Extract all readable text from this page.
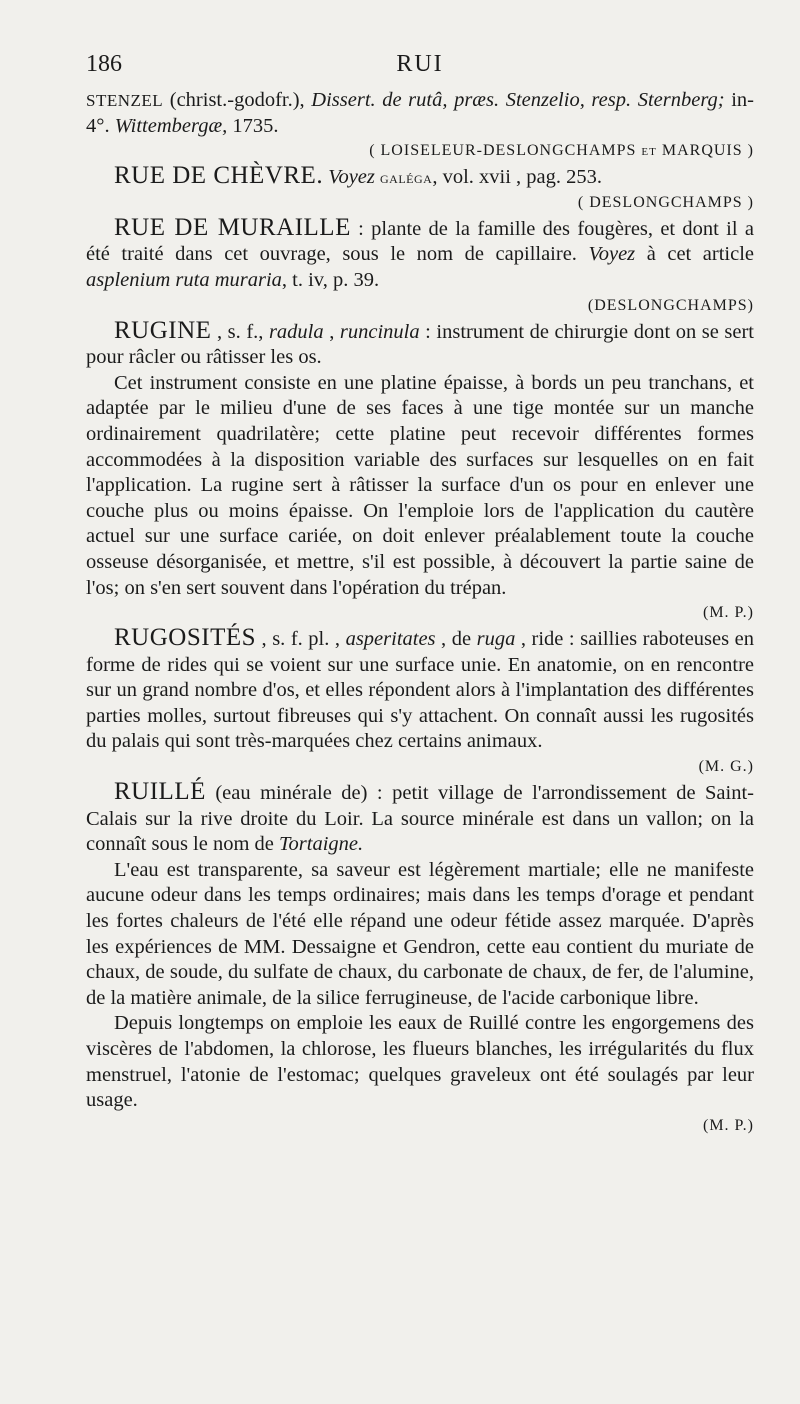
186	RUI

STENZEL (christ.-godofr.), Dissert. de rutâ, præs. Stenzelio, resp. Sternberg; in-4°. Wittembergæ, 1735.

( LOISELEUR-DESLONGCHAMPS et MARQUIS )

RUE DE CHÈVRE. Voyez galéga, vol. xvii , pag. 253.

( DESLONGCHAMPS )

RUE DE MURAILLE : plante de la famille des fougères, et dont il a été traité dans cet ouvrage, sous le nom de capillaire. Voyez à cet article asplenium ruta muraria, t. iv, p. 39.

(DESLONGCHAMPS)

RUGINE , s. f., radula , runcinula : instrument de chirurgie dont on se sert pour râcler ou râtisser les os.

Cet instrument consiste en une platine épaisse, à bords un peu tranchans, et adaptée par le milieu d'une de ses faces à une tige montée sur un manche ordinairement quadrilatère; cette platine peut recevoir différentes formes accommodées à la disposition variable des surfaces sur lesquelles on en fait l'application. La rugine sert à râtisser la surface d'un os pour en enlever une couche plus ou moins épaisse. On l'emploie lors de l'application du cautère actuel sur une surface cariée, on doit enlever préalablement toute la couche osseuse désorganisée, et mettre, s'il est possible, à découvert la partie saine de l'os; on s'en sert souvent dans l'opération du trépan.

(M. P.)

RUGOSITÉS , s. f. pl. , asperitates , de ruga , ride : saillies raboteuses en forme de rides qui se voient sur une surface unie. En anatomie, on en rencontre sur un grand nombre d'os, et elles répondent alors à l'implantation des différentes parties molles, surtout fibreuses qui s'y attachent. On connaît aussi les rugosités du palais qui sont très-marquées chez certains animaux.

(M. G.)

RUILLÉ (eau minérale de) : petit village de l'arrondissement de Saint-Calais sur la rive droite du Loir. La source minérale est dans un vallon; on la connaît sous le nom de Tortaigne.

L'eau est transparente, sa saveur est légèrement martiale; elle ne manifeste aucune odeur dans les temps ordinaires; mais dans les temps d'orage et pendant les fortes chaleurs de l'été elle répand une odeur fétide assez marquée. D'après les expériences de MM. Dessaigne et Gendron, cette eau contient du muriate de chaux, de soude, du sulfate de chaux, du carbonate de chaux, de fer, de l'alumine, de la matière animale, de la silice ferrugineuse, de l'acide carbonique libre.

Depuis longtemps on emploie les eaux de Ruillé contre les engorgemens des viscères de l'abdomen, la chlorose, les flueurs blanches, les irrégularités du flux menstruel, l'atonie de l'estomac; quelques graveleux ont été soulagés par leur usage.

(M. P.)
